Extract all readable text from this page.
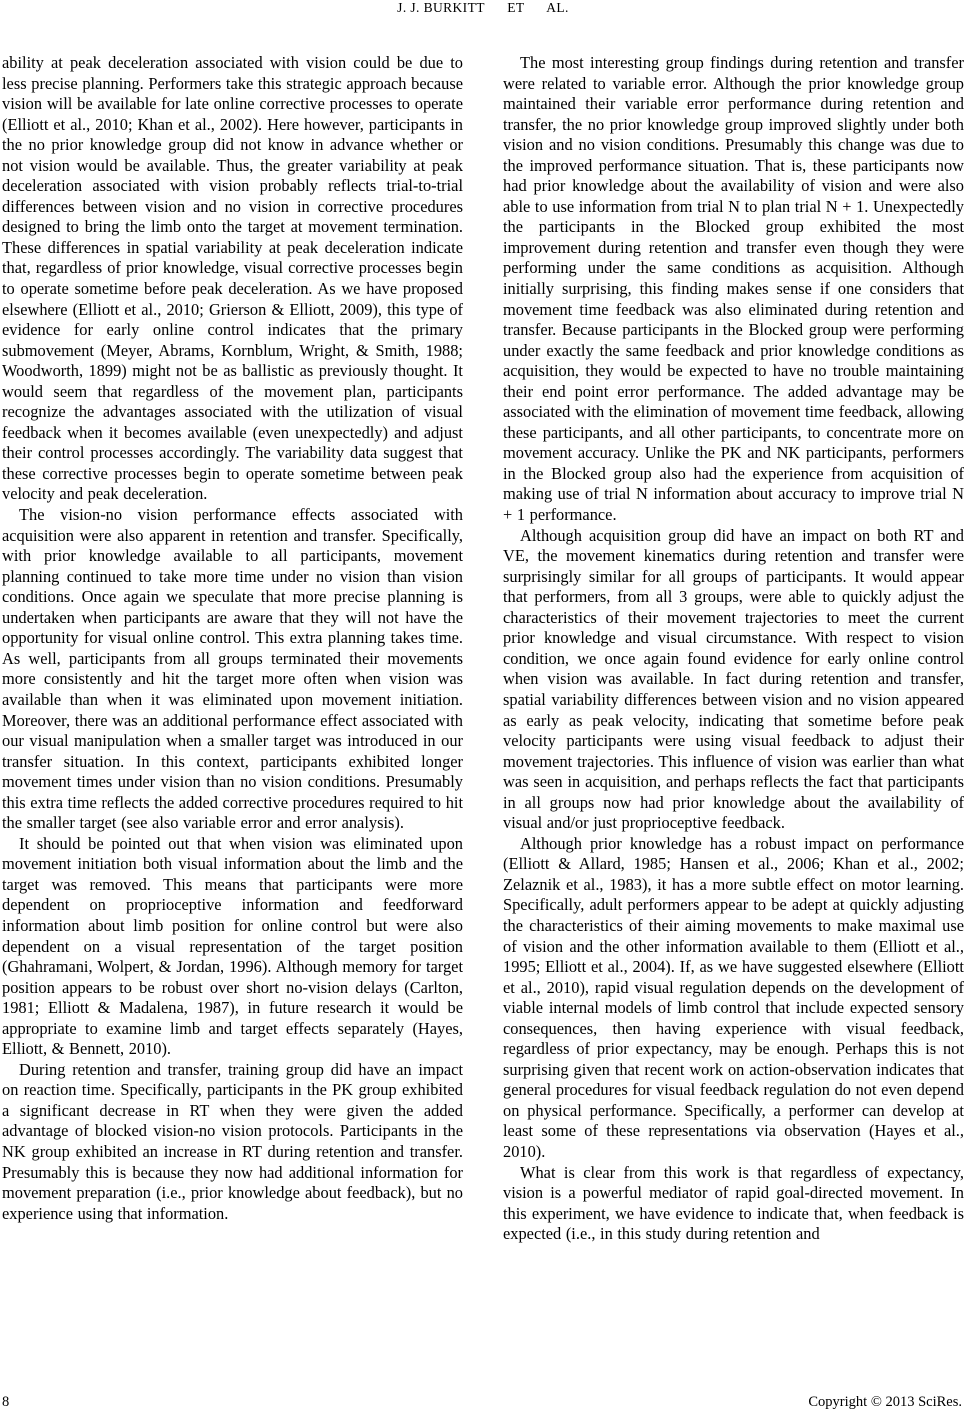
J. J. BURKITT      ET      AL.

ability at peak deceleration associated with vision could be due to less precise planning. Performers take this strategic approach because vision will be available for late online corrective processes to operate (Elliott et al., 2010; Khan et al., 2002). Here however, participants in the no prior knowledge group did not know in advance whether or not vision would be available. Thus, the greater variability at peak deceleration associated with vision probably reflects trial-to-trial differences between vision and no vision in corrective procedures designed to bring the limb onto the target at movement termination. These differences in spatial variability at peak deceleration indicate that, regardless of prior knowledge, visual corrective processes begin to operate sometime before peak deceleration. As we have proposed elsewhere (Elliott et al., 2010; Grierson & Elliott, 2009), this type of evidence for early online control indicates that the primary submovement (Meyer, Abrams, Kornblum, Wright, & Smith, 1988; Woodworth, 1899) might not be as ballistic as previously thought. It would seem that regardless of the movement plan, participants recognize the advantages associated with the utilization of visual feedback when it becomes available (even unexpectedly) and adjust their control processes accordingly. The variability data suggest that these corrective processes begin to operate sometime between peak velocity and peak deceleration.

The vision-no vision performance effects associated with acquisition were also apparent in retention and transfer. Specifically, with prior knowledge available to all participants, movement planning continued to take more time under no vision than vision conditions. Once again we speculate that more precise planning is undertaken when participants are aware that they will not have the opportunity for visual online control. This extra planning takes time. As well, participants from all groups terminated their movements more consistently and hit the target more often when vision was available than when it was eliminated upon movement initiation. Moreover, there was an additional performance effect associated with our visual manipulation when a smaller target was introduced in our transfer situation. In this context, participants exhibited longer movement times under vision than no vision conditions. Presumably this extra time reflects the added corrective procedures required to hit the smaller target (see also variable error and error analysis).

It should be pointed out that when vision was eliminated upon movement initiation both visual information about the limb and the target was removed. This means that participants were more dependent on proprioceptive information and feedforward information about limb position for online control but were also dependent on a visual representation of the target position (Ghahramani, Wolpert, & Jordan, 1996). Although memory for target position appears to be robust over short no-vision delays (Carlton, 1981; Elliott & Madalena, 1987), in future research it would be appropriate to examine limb and target effects separately (Hayes, Elliott, & Bennett, 2010).

During retention and transfer, training group did have an impact on reaction time. Specifically, participants in the PK group exhibited a significant decrease in RT when they were given the added advantage of blocked vision-no vision protocols. Participants in the NK group exhibited an increase in RT during retention and transfer. Presumably this is because they now had additional information for movement preparation (i.e., prior knowledge about feedback), but no experience using that information.

The most interesting group findings during retention and transfer were related to variable error. Although the prior knowledge group maintained their variable error performance during retention and transfer, the no prior knowledge group improved slightly under both vision and no vision conditions. Presumably this change was due to the improved performance situation. That is, these participants now had prior knowledge about the availability of vision and were also able to use information from trial N to plan trial N + 1. Unexpectedly the participants in the Blocked group exhibited the most improvement during retention and transfer even though they were performing under the same conditions as acquisition. Although initially surprising, this finding makes sense if one considers that movement time feedback was also eliminated during retention and transfer. Because participants in the Blocked group were performing under exactly the same feedback and prior knowledge conditions as acquisition, they would be expected to have no trouble maintaining their end point error performance. The added advantage may be associated with the elimination of movement time feedback, allowing these participants, and all other participants, to concentrate more on movement accuracy. Unlike the PK and NK participants, performers in the Blocked group also had the experience from acquisition of making use of trial N information about accuracy to improve trial N + 1 performance.

Although acquisition group did have an impact on both RT and VE, the movement kinematics during retention and transfer were surprisingly similar for all groups of participants. It would appear that performers, from all 3 groups, were able to quickly adjust the characteristics of their movement trajectories to meet the current prior knowledge and visual circumstance. With respect to vision condition, we once again found evidence for early online control when vision was available. In fact during retention and transfer, spatial variability differences between vision and no vision appeared as early as peak velocity, indicating that sometime before peak velocity participants were using visual feedback to adjust their movement trajectories. This influence of vision was earlier than what was seen in acquisition, and perhaps reflects the fact that participants in all groups now had prior knowledge about the availability of visual and/or just proprioceptive feedback.

Although prior knowledge has a robust impact on performance (Elliott & Allard, 1985; Hansen et al., 2006; Khan et al., 2002; Zelaznik et al., 1983), it has a more subtle effect on motor learning. Specifically, adult performers appear to be adept at quickly adjusting the characteristics of their aiming movements to make maximal use of vision and the other information available to them (Elliott et al., 1995; Elliott et al., 2004). If, as we have suggested elsewhere (Elliott et al., 2010), rapid visual regulation depends on the development of viable internal models of limb control that include expected sensory consequences, then having experience with visual feedback, regardless of prior expectancy, may be enough. Perhaps this is not surprising given that recent work on action-observation indicates that general procedures for visual feedback regulation do not even depend on physical performance. Specifically, a performer can develop at least some of these representations via observation (Hayes et al., 2010).

What is clear from this work is that regardless of expectancy, vision is a powerful mediator of rapid goal-directed movement. In this experiment, we have evidence to indicate that, when feedback is expected (i.e., in this study during retention and

8	Copyright © 2013 SciRes.
